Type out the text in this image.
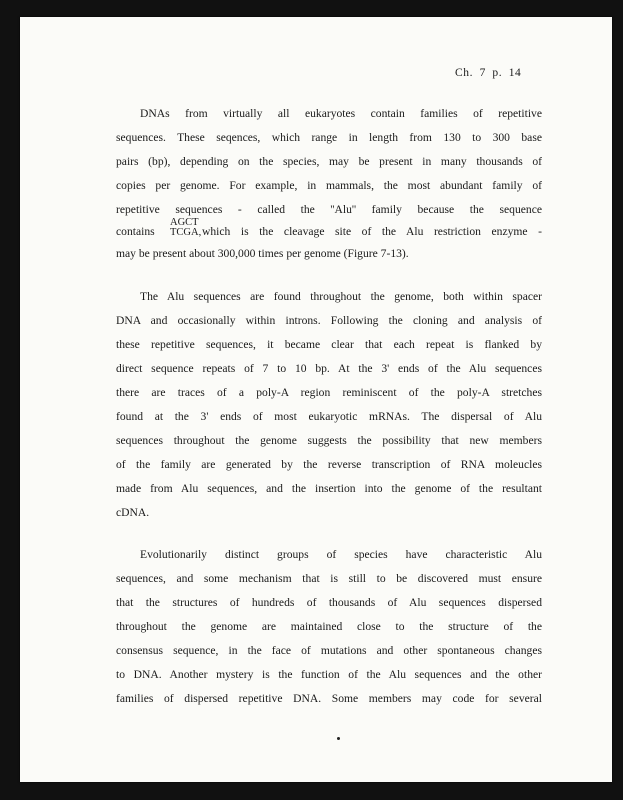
Ch. 7 p. 14
DNAs from virtually all eukaryotes contain families of repetitive
sequences. These seqences, which range in length from 130 to 300 base
pairs (bp), depending on the species, may be present in many thousands of
copies per genome. For example, in mammals, the most abundant family of
repetitive sequences - called the ''Alu'' family because the sequence
contains
AGCT
TCGA, which is the cleavage site of the Alu restriction enzyme -
may be present about 300,000 times per genome (Figure 7-13).
The Alu sequences are found throughout the genome, both within spacer
DNA and occasionally within introns. Following the cloning and analysis of
these repetitive sequences, it became clear that each repeat is flanked by
direct sequence repeats of 7 to 10 bp. At the 3' ends of the Alu sequences
there are traces of a poly-A region reminiscent of the poly-A stretches
found at the 3' ends of most eukaryotic mRNAs. The dispersal of Alu
sequences throughout the genome suggests the possibility that new members
of the family are generated by the reverse transcription of RNA moleucles
made from Alu sequences, and the insertion into the genome of the resultant
cDNA.
Evolutionarily distinct groups of species have characteristic Alu
sequences, and some mechanism that is still to be discovered must ensure
that the structures of hundreds of thousands of Alu sequences dispersed
throughout the genome are maintained close to the structure of the
consensus sequence, in the face of mutations and other spontaneous changes
to DNA. Another mystery is the function of the Alu sequences and the other
families of dispersed repetitive DNA. Some members may code for several
